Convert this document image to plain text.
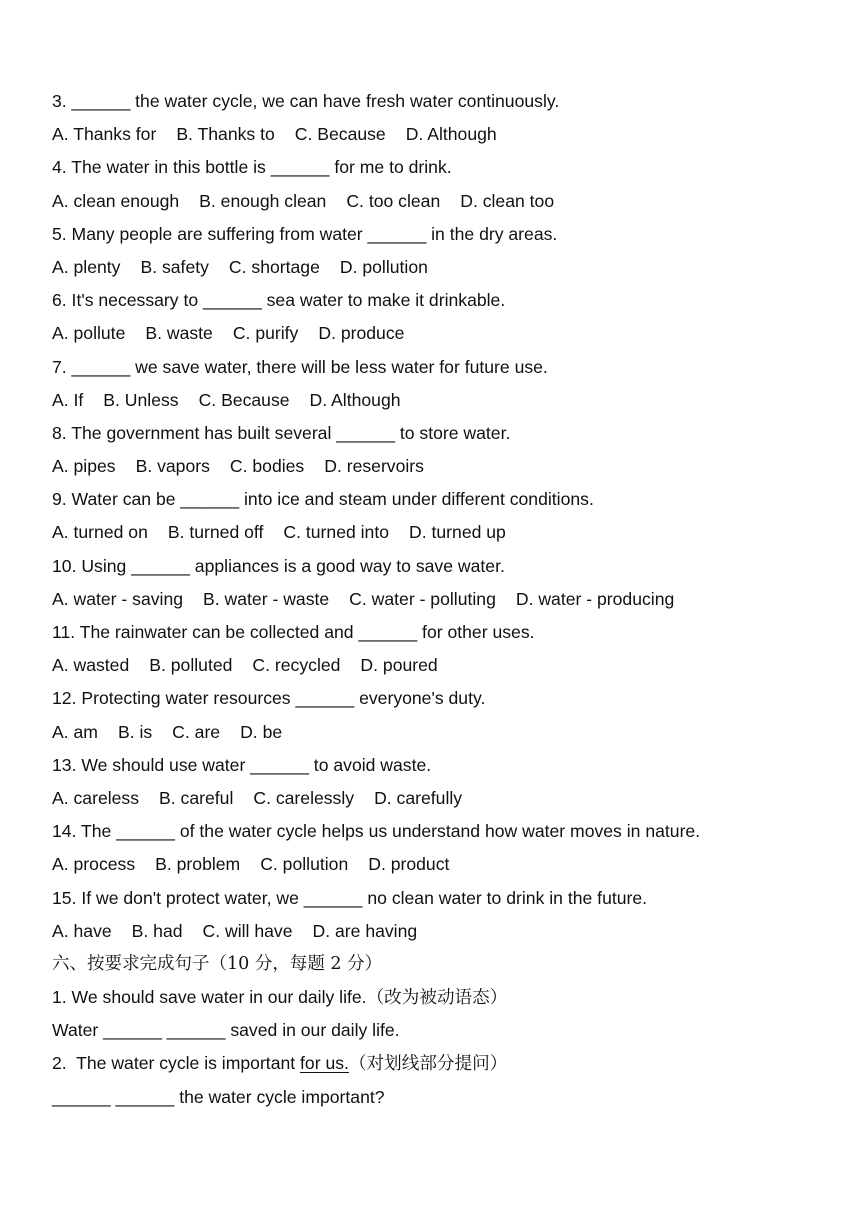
3. ______ the water cycle, we can have fresh water continuously.
A. Thanks for B. Thanks to C. Because D. Although
4. The water in this bottle is ______ for me to drink.
A. clean enough B. enough clean C. too clean D. clean too
5. Many people are suffering from water ______ in the dry areas.
A. plenty B. safety C. shortage D. pollution
6. It's necessary to ______ sea water to make it drinkable.
A. pollute B. waste C. purify D. produce
7. ______ we save water, there will be less water for future use.
A. If B. Unless C. Because D. Although
8. The government has built several ______ to store water.
A. pipes B. vapors C. bodies D. reservoirs
9. Water can be ______ into ice and steam under different conditions.
A. turned on B. turned off C. turned into D. turned up
10. Using ______ appliances is a good way to save water.
A. water - saving B. water - waste C. water - polluting D. water - producing
11. The rainwater can be collected and ______ for other uses.
A. wasted B. polluted C. recycled D. poured
12. Protecting water resources ______ everyone's duty.
A. am B. is C. are D. be
13. We should use water ______ to avoid waste.
A. careless B. careful C. carelessly D. carefully
14. The ______ of the water cycle helps us understand how water moves in nature.
A. process B. problem C. pollution D. product
15. If we don't protect water, we ______ no clean water to drink in the future.
A. have B. had C. will have D. are having
六、按要求完成句子（10 分，每题 2 分）
1. We should save water in our daily life.（改为被动语态）
Water ______ ______ saved in our daily life.
2.  The water cycle is important for us.（对划线部分提问）
______ ______ the water cycle important?
